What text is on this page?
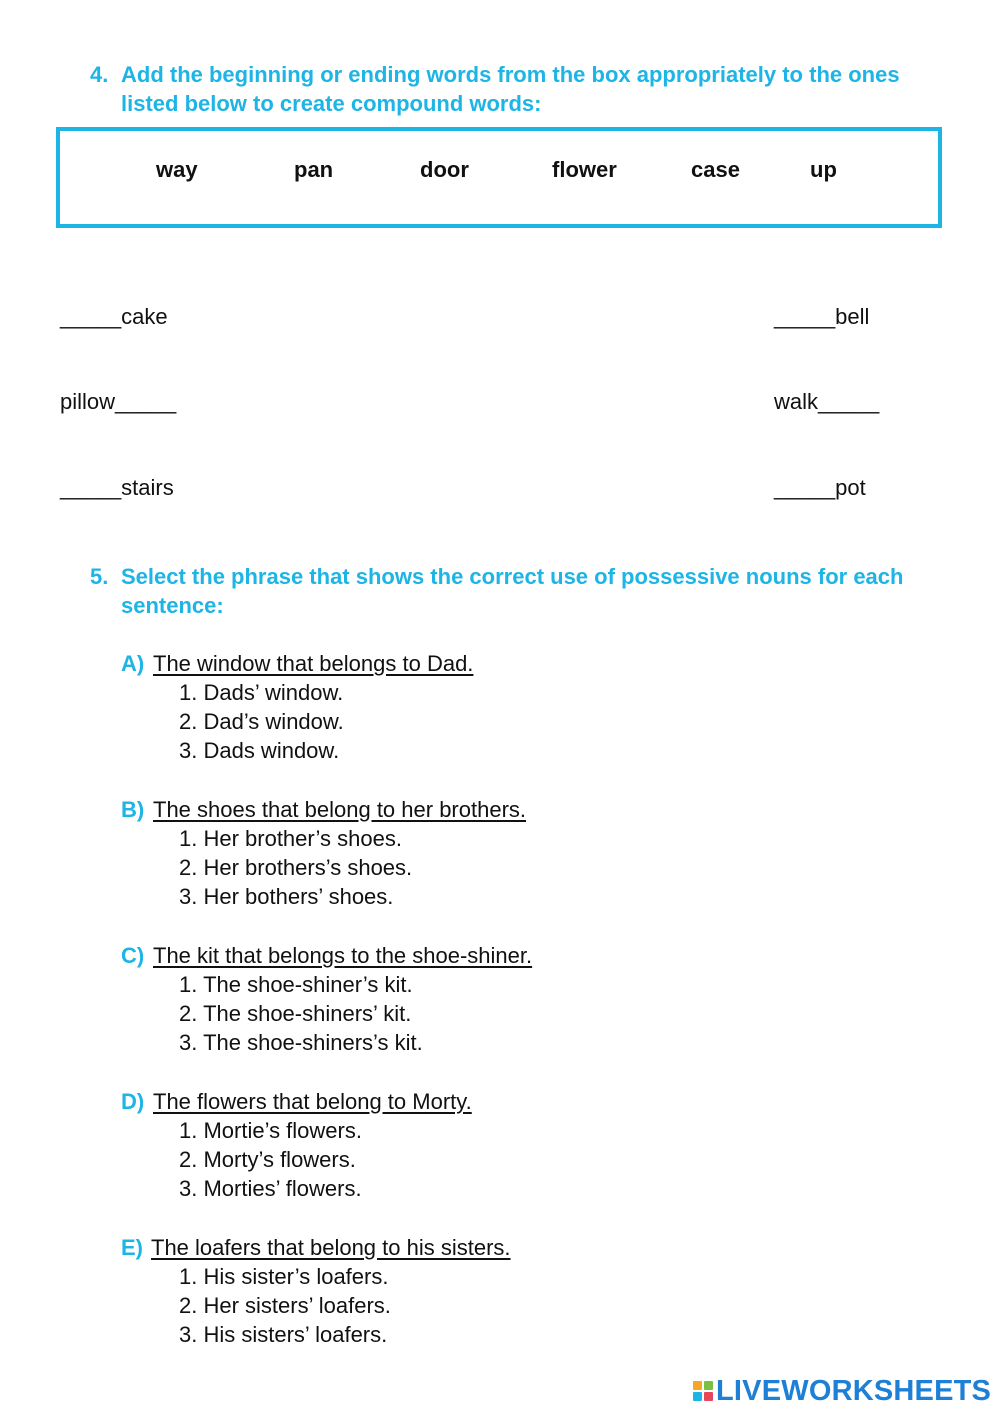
4. Add the beginning or ending words from the box appropriately to the ones listed below to create compound words:
way	pan	door	flower	case	up
_____cake	_____bell
pillow_____	walk_____
_____stairs	_____pot
5. Select the phrase that shows the correct use of possessive nouns for each sentence:
A) The window that belongs to Dad.
1. Dads’ window.
2. Dad’s window.
3. Dads window.
B) The shoes that belong to her brothers.
1. Her brother’s shoes.
2. Her brothers’s shoes.
3. Her bothers’ shoes.
C) The kit that belongs to the shoe-shiner.
1. The shoe-shiner’s kit.
2. The shoe-shiners’ kit.
3. The shoe-shiners’s kit.
D) The flowers that belong to Morty.
1. Mortie’s flowers.
2. Morty’s flowers.
3. Morties’ flowers.
E) The loafers that belong to his sisters.
1. His sister’s loafers.
2. Her sisters’ loafers.
3. His sisters’ loafers.
LIVEWORKSHEETS
